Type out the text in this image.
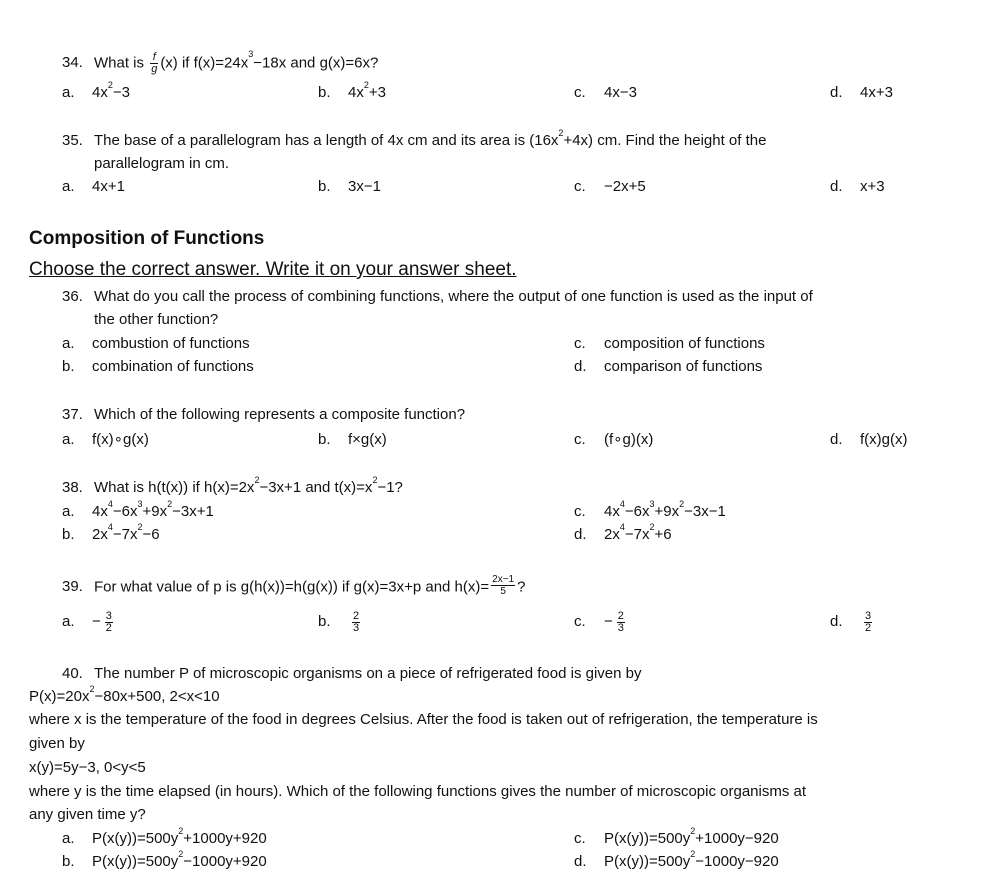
34. What is $\frac{f}{g} (x)$ if $f(x)=24x^3-18x$ and g(x)=6x?
a. $4x^2-3$	b. $4x^2+3$	c. 4x−3	d. 4x+3
35. The base of a parallelogram has a length of 4x cm and its area is $(16x^2+4x)$ cm. Find the height of the
parallelogram in cm.
a. 4x+1	b. 3x−1	c. −2x+5	d. x+3
Composition of Functions
Choose the correct answer. Write it on your answer sheet.
36. What do you call the process of combining functions, where the output of one function is used as the input of
the other function?
a. combustion of functions
b. combination of functions
c. composition of functions
d. comparison of functions
37. Which of the following represents a composite function?
a. f(x)∘g(x)	b. f×g(x)	c. (f∘g)(x)	d. f(x)g(x)
38. What is h(t(x)) if $h(x)=2x^2-3x+1$ and $t(x)=x^2-1$?
a. $4x^4-6x^3+9x^2-3x+1$
b. $2x^4-7x^2-6$
c. $4x^4-6x^3+9x^2-3x-1$
d. $2x^4-7x^2+6$
39. For what value of p is g(h(x))=h(g(x)) if g(x)=3x+p and $h(x)= \frac{2x-1}{5}$ ?
a. − $\frac{3}{2}$	b. $\frac{2}{3}$	c. − $\frac{2}{3}$	d. $\frac{3}{2}$
40. The number P of microscopic organisms on a piece of refrigerated food is given by
$P(x)=20x^2-80x+500$, 2<x<10
where x is the temperature of the food in degrees Celsius. After the food is taken out of refrigeration, the temperature is
given by
x(y)=5y−3, 0<y<5
where y is the time elapsed (in hours). Which of the following functions gives the number of microscopic organisms at
any given time y?
a. $P(x(y))=500y^2+1000y+920$
b. $P(x(y))=500y^2-1000y+920$
c. $P(x(y))=500y^2+1000y-920$
d. $P(x(y))=500y^2-1000y-920$
